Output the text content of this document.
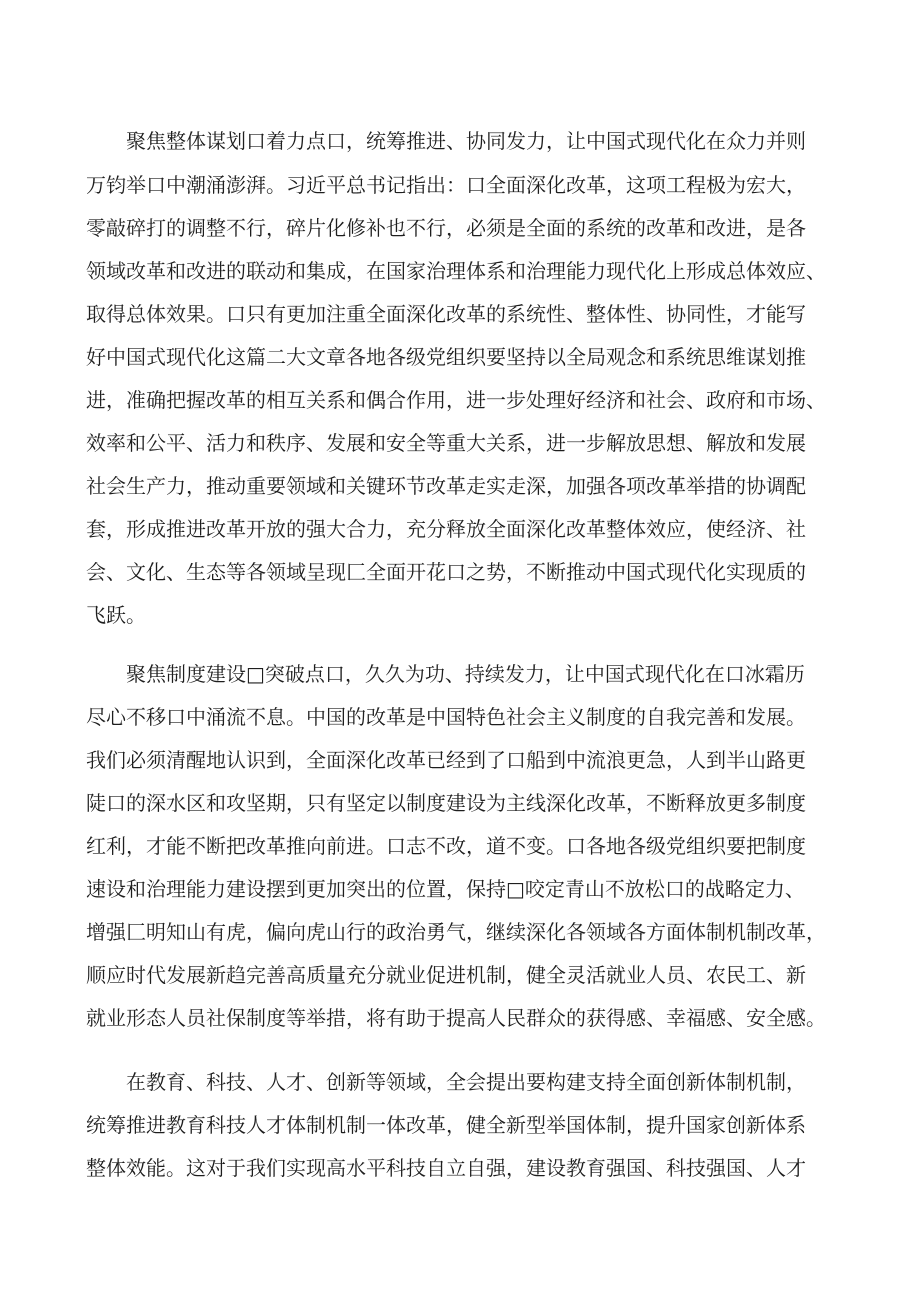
聚焦整体谋划口着力点口，统筹推进、协同发力，让中国式现代化在众力并则
万钧举口中潮涌澎湃。习近平总书记指出：口全面深化改革，这项工程极为宏大，
零敲碎打的调整不行，碎片化修补也不行，必须是全面的系统的改革和改进，是各
领域改革和改进的联动和集成，在国家治理体系和治理能力现代化上形成总体效应、
取得总体效果。口只有更加注重全面深化改革的系统性、整体性、协同性，才能写
好中国式现代化这篇二大文章各地各级党组织要坚持以全局观念和系统思维谋划推
进，准确把握改革的相互关系和偶合作用，进一步处理好经济和社会、政府和市场、
效率和公平、活力和秩序、发展和安全等重大关系，进一步解放思想、解放和发展
社会生产力，推动重要领域和关键环节改革走实走深，加强各项改革举措的协调配
套，形成推进改革开放的强大合力，充分释放全面深化改革整体效应，使经济、社
会、文化、生态等各领域呈现匚全面开花口之势，不断推动中国式现代化实现质的
飞跃。
聚焦制度建设□突破点口，久久为功、持续发力，让中国式现代化在口冰霜历
尽心不移口中涌流不息。中国的改革是中国特色社会主义制度的自我完善和发展。
我们必须清醒地认识到，全面深化改革已经到了口船到中流浪更急，人到半山路更
陡口的深水区和攻坚期，只有坚定以制度建设为主线深化改革，不断释放更多制度
红利，才能不断把改革推向前进。口志不改，道不变。口各地各级党组织要把制度
速设和治理能力建设摆到更加突出的位置，保持□咬定青山不放松口的战略定力、
增强匚明知山有虎，偏向虎山行的政治勇气，继续深化各领域各方面体制机制改革，
顺应时代发展新趋完善高质量充分就业促进机制，健全灵活就业人员、农民工、新
就业形态人员社保制度等举措，将有助于提高人民群众的获得感、幸福感、安全感。
在教育、科技、人才、创新等领域，全会提出要构建支持全面创新体制机制，
统筹推进教育科技人才体制机制一体改革，健全新型举国体制，提升国家创新体系
整体效能。这对于我们实现高水平科技自立自强，建设教育强国、科技强国、人才
